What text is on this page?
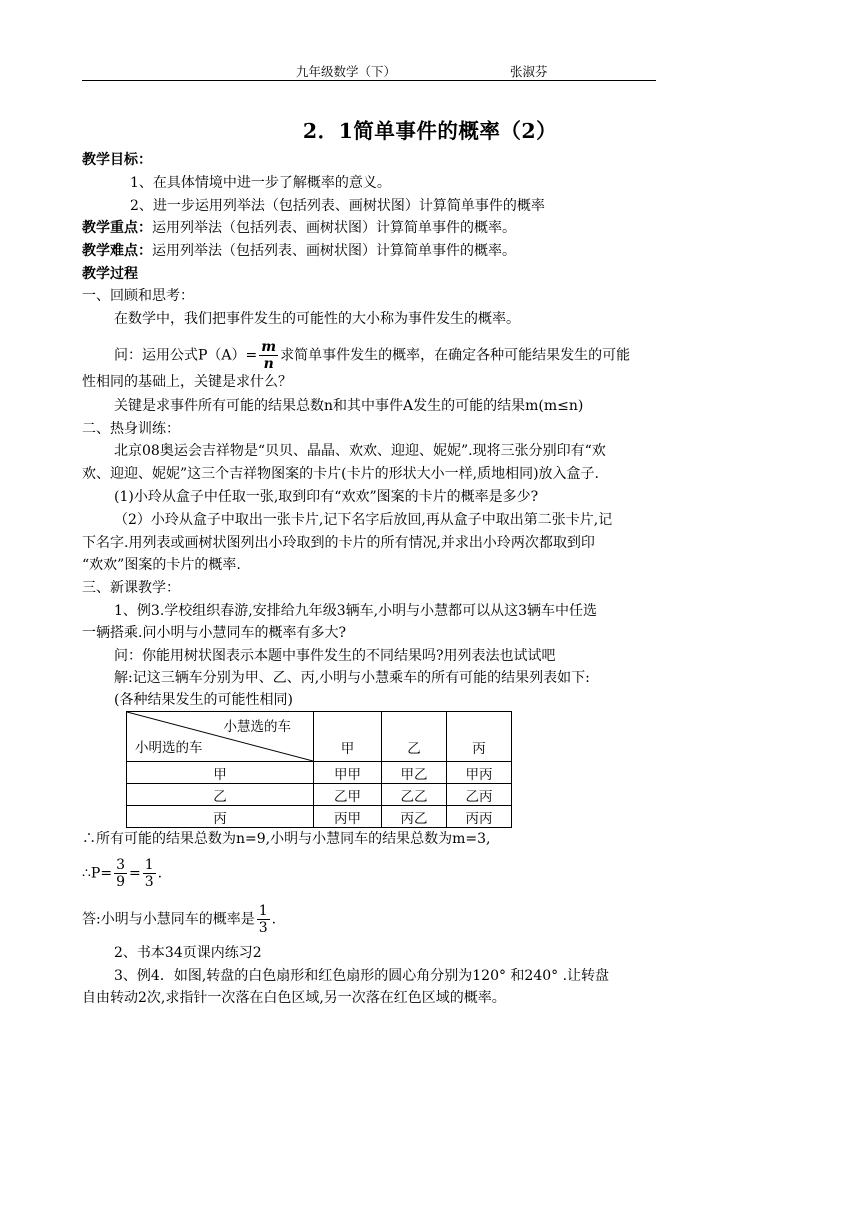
九年级数学（下）	张淑芬
2．1简单事件的概率（2）
教学目标：
1、在具体情境中进一步了解概率的意义。
2、进一步运用列举法（包括列表、画树状图）计算简单事件的概率
教学重点：运用列举法（包括列表、画树状图）计算简单事件的概率。
教学难点：运用列举法（包括列表、画树状图）计算简单事件的概率。
教学过程
一、回顾和思考：
在数学中，我们把事件发生的可能性的大小称为事件发生的概率。
问：运用公式$P(A)= \frac{m}{n}$ 求简单事件发生的概率，在确定各种可能结果发生的可能
性相同的基础上，关键是求什么？
关键是求事件所有可能的结果总数n和其中事件A发生的可能的结果m(m≤n)
二、热身训练：
北京08奥运会吉祥物是“贝贝、晶晶、欢欢、迎迎、妮妮”.现将三张分别印有“欢
欢、迎迎、妮妮”这三个吉祥物图案的卡片(卡片的形状大小一样,质地相同)放入盒子.
(1)小玲从盒子中任取一张,取到印有“欢欢”图案的卡片的概率是多少?
（2）小玲从盒子中取出一张卡片,记下名字后放回,再从盒子中取出第二张卡片,记
下名字.用列表或画树状图列出小玲取到的卡片的所有情况,并求出小玲两次都取到印
“欢欢”图案的卡片的概率.
三、新课教学：
1、例3.学校组织春游,安排给九年级3辆车,小明与小慧都可以从这3辆车中任选
一辆搭乘.问小明与小慧同车的概率有多大?
问：你能用树状图表示本题中事件发生的不同结果吗?用列表法也试试吧
解:记这三辆车分别为甲、乙、丙,小明与小慧乘车的所有可能的结果列表如下:
(各种结果发生的可能性相同)
小慧选的车
小明选的车	甲	乙	丙
甲	甲甲	甲乙	甲丙
乙	乙甲	乙乙	乙丙
丙	丙甲	丙乙	丙丙
∴所有可能的结果总数为n=9,小明与小慧同车的结果总数为m=3,
∴P= $\frac{3}{9} = \frac{1}{3}$ .
答:小明与小慧同车的概率是 $\frac{1}{3}$ .
2、书本34页课内练习2
3、例4．如图,转盘的白色扇形和红色扇形的圆心角分别为120° 和240° .让转盘
自由转动2次,求指针一次落在白色区域,另一次落在红色区域的概率。
